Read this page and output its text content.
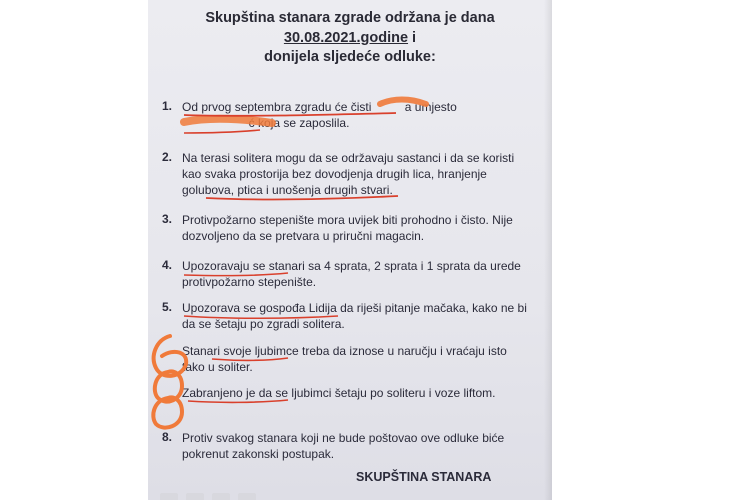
Skupština stanara zgrade održana je dana
30.08.2021.godine i
donijela sljedeće odluke:
1. Od prvog septembra zgradu će čisti          a umjesto
ć koja se zaposlila.
2. Na terasi solitera mogu da se održavaju sastanci i da se koristi kao svaka prostorija bez dovodjenja drugih lica, hranjenje golubova, ptica i unošenja drugih stvari.
3. Protivpožarno stepenište mora uvijek biti prohodno i čisto. Nije dozvoljeno da se pretvara u priručni magacin.
4. Upozoravaju se stanari sa 4 sprata, 2 sprata i 1 sprata da urede protivpožarno stepenište.
5. Upozorava se gospođa Lidija da riješi pitanje mačaka, kako ne bi da se šetaju po zgradi solitera.
Stanari svoje ljubimce treba da iznose u naručju i vraćaju isto tako u soliter.
Zabranjeno je da se ljubimci šetaju po soliteru i voze liftom.
8. Protiv svakog stanara koji ne bude poštovao ove odluke biće pokrenut zakonski postupak.
SKUPŠTINA STANARA
